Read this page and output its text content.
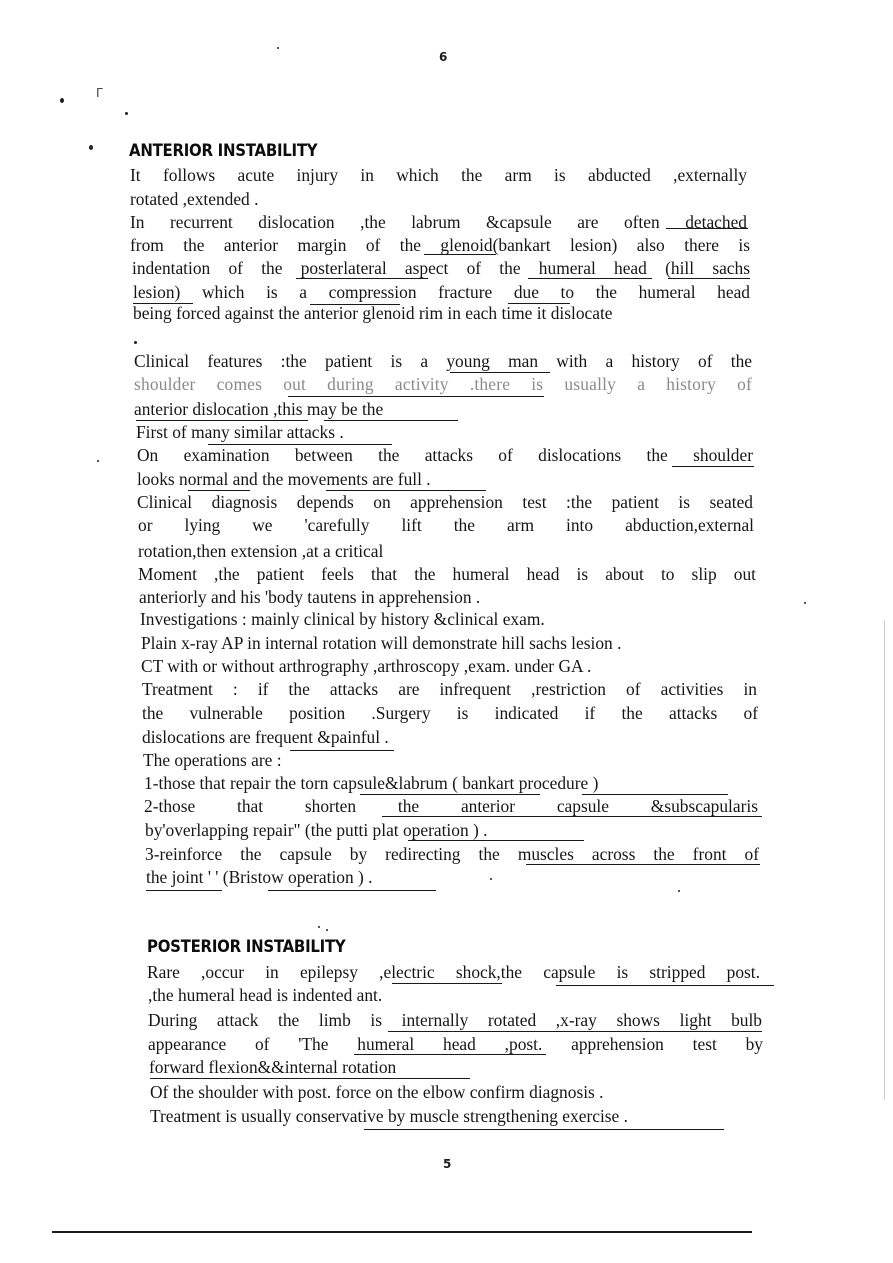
ᒥ
6
ANTERIOR INSTABILITY
It follows acute injury in which the arm is abducted ,externally
rotated ,extended .
In recurrent dislocation ,the labrum &capsule are often detached
from the anterior margin of the glenoid(bankart lesion) also there is
indentation of the posterlateral aspect of the humeral head (hill sachs
lesion) which is a compression fracture due to the humeral head
being forced against the anterior glenoid rim in each time it dislocate
Clinical features :the patient is a young man with a history of the
shoulder comes out during activity .there is usually a history of
anterior dislocation ,this may be the
First of many similar attacks .
On examination between the attacks of dislocations the shoulder
looks normal and the movements are full .
Clinical diagnosis depends on apprehension test :the patient is seated
or lying we 'carefully lift the arm into abduction,external
rotation,then extension ,at a critical
Moment ,the patient feels that the humeral head is about to slip out
anteriorly and his 'body tautens in apprehension .
Investigations : mainly clinical by history &clinical exam.
Plain x-ray AP in internal rotation will demonstrate hill sachs lesion .
CT with or without arthrography ,arthroscopy ,exam. under GA .
Treatment : if the attacks are infrequent ,restriction of activities in
the vulnerable position .Surgery is indicated if the attacks of
dislocations are frequent &painful .
The operations are :
1-those that repair the torn capsule&labrum ( bankart procedure )
2-those that shorten the anterior capsule &subscapularis
by'overlapping repair" (the putti plat operation ) .
3-reinforce the capsule by redirecting the muscles across the front of
the joint ' ' (Bristow operation ) .
POSTERIOR INSTABILITY
Rare ,occur in epilepsy ,electric shock,the capsule is stripped post.
,the humeral head is indented ant.
During attack the limb is internally rotated ,x-ray shows light bulb
appearance of 'The humeral head ,post. apprehension test by
forward flexion&&internal rotation
Of the shoulder with post. force on the elbow confirm diagnosis .
Treatment is usually conservative by muscle strengthening exercise .
5
